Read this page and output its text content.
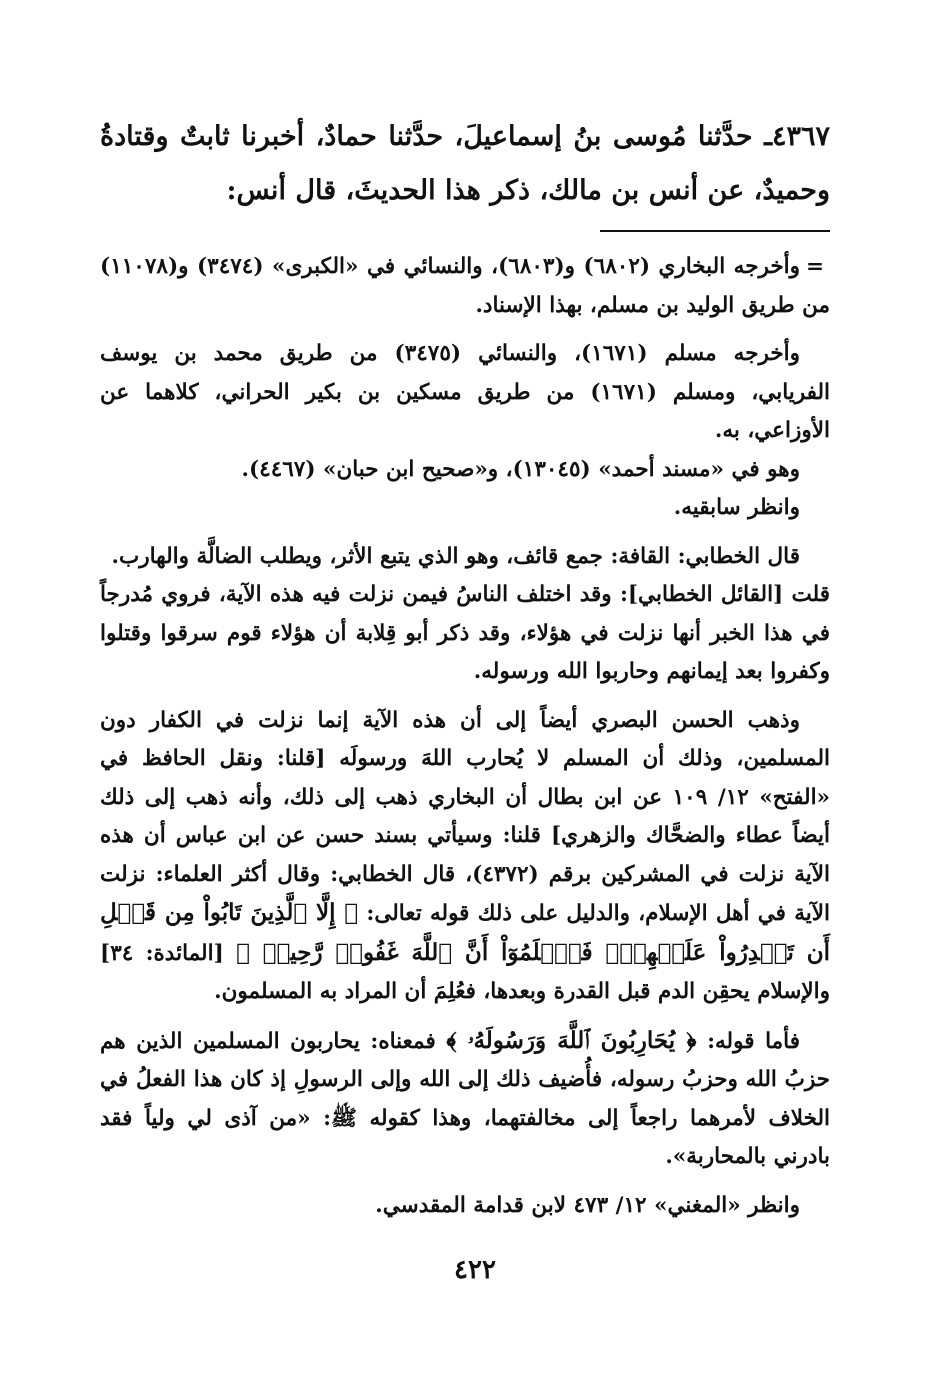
٤٣٦٧ـ حدَّثنا مُوسى بنُ إسماعيلَ، حدَّثنا حمادٌ، أخبرنا ثابتٌ وقتادةُ وحميدٌ، عن أنس بن مالك، ذكر هذا الحديثَ، قال أنس:

=
وأخرجه البخاري (٦٨٠٢) و(٦٨٠٣)، والنسائي في «الكبرى» (٣٤٧٤) و(١١٠٧٨) من طريق الوليد بن مسلم، بهذا الإسناد.

وأخرجه مسلم (١٦٧١)، والنسائي (٣٤٧٥) من طريق محمد بن يوسف الفريابي، ومسلم (١٦٧١) من طريق مسكين بن بكير الحراني، كلاهما عن الأوزاعي، به.

وهو في «مسند أحمد» (١٣٠٤٥)، و«صحيح ابن حبان» (٤٤٦٧).

وانظر سابقيه.

قال الخطابي: القافة: جمع قائف، وهو الذي يتبع الأثر، ويطلب الضالَّة والهارب.

قلت [القائل الخطابي]: وقد اختلف الناسُ فيمن نزلت فيه هذه الآية، فروي مُدرجاً في هذا الخبر أنها نزلت في هؤلاء، وقد ذكر أبو قِلابة أن هؤلاء قوم سرقوا وقتلوا وكفروا بعد إيمانهم وحاربوا الله ورسوله.

وذهب الحسن البصري أيضاً إلى أن هذه الآية إنما نزلت في الكفار دون المسلمين، وذلك أن المسلم لا يُحارب اللهَ ورسولَه [قلنا: ونقل الحافظ في «الفتح» ١٢/ ١٠٩ عن ابن بطال أن البخاري ذهب إلى ذلك، وأنه ذهب إلى ذلك أيضاً عطاء والضحَّاك والزهري] قلنا: وسيأتي بسند حسن عن ابن عباس أن هذه الآية نزلت في المشركين برقم (٤٣٧٢)، قال الخطابي: وقال أكثر العلماء: نزلت الآية في أهل الإسلام، والدليل على ذلك قوله تعالى: ﴿ إِلَّا ٱلَّذِينَ تَابُواْ مِن قَبۡلِ أَن تَقۡدِرُواْ عَلَيۡهِمۡۖ فَٱعۡلَمُوٓاْ أَنَّ ٱللَّهَ غَفُورٞ رَّحِيمٞ ﴾ [المائدة: ٣٤] والإسلام يحقِن الدم قبل القدرة وبعدها، فعُلِمَ أن المراد به المسلمون.

فأما قوله: ﴿ يُحَارِبُونَ ٱللَّهَ وَرَسُولَهُۥ ﴾ فمعناه: يحاربون المسلمين الذين هم حزبُ الله وحزبُ رسوله، فأُضيف ذلك إلى الله وإلى الرسولِ إذ كان هذا الفعلُ في الخلاف لأمرهما راجعاً إلى مخالفتهما، وهذا كقوله ﷺ: «من آذى لي ولياً فقد بادرني بالمحاربة».

وانظر «المغني» ١٢/ ٤٧٣ لابن قدامة المقدسي.

٤٢٢
